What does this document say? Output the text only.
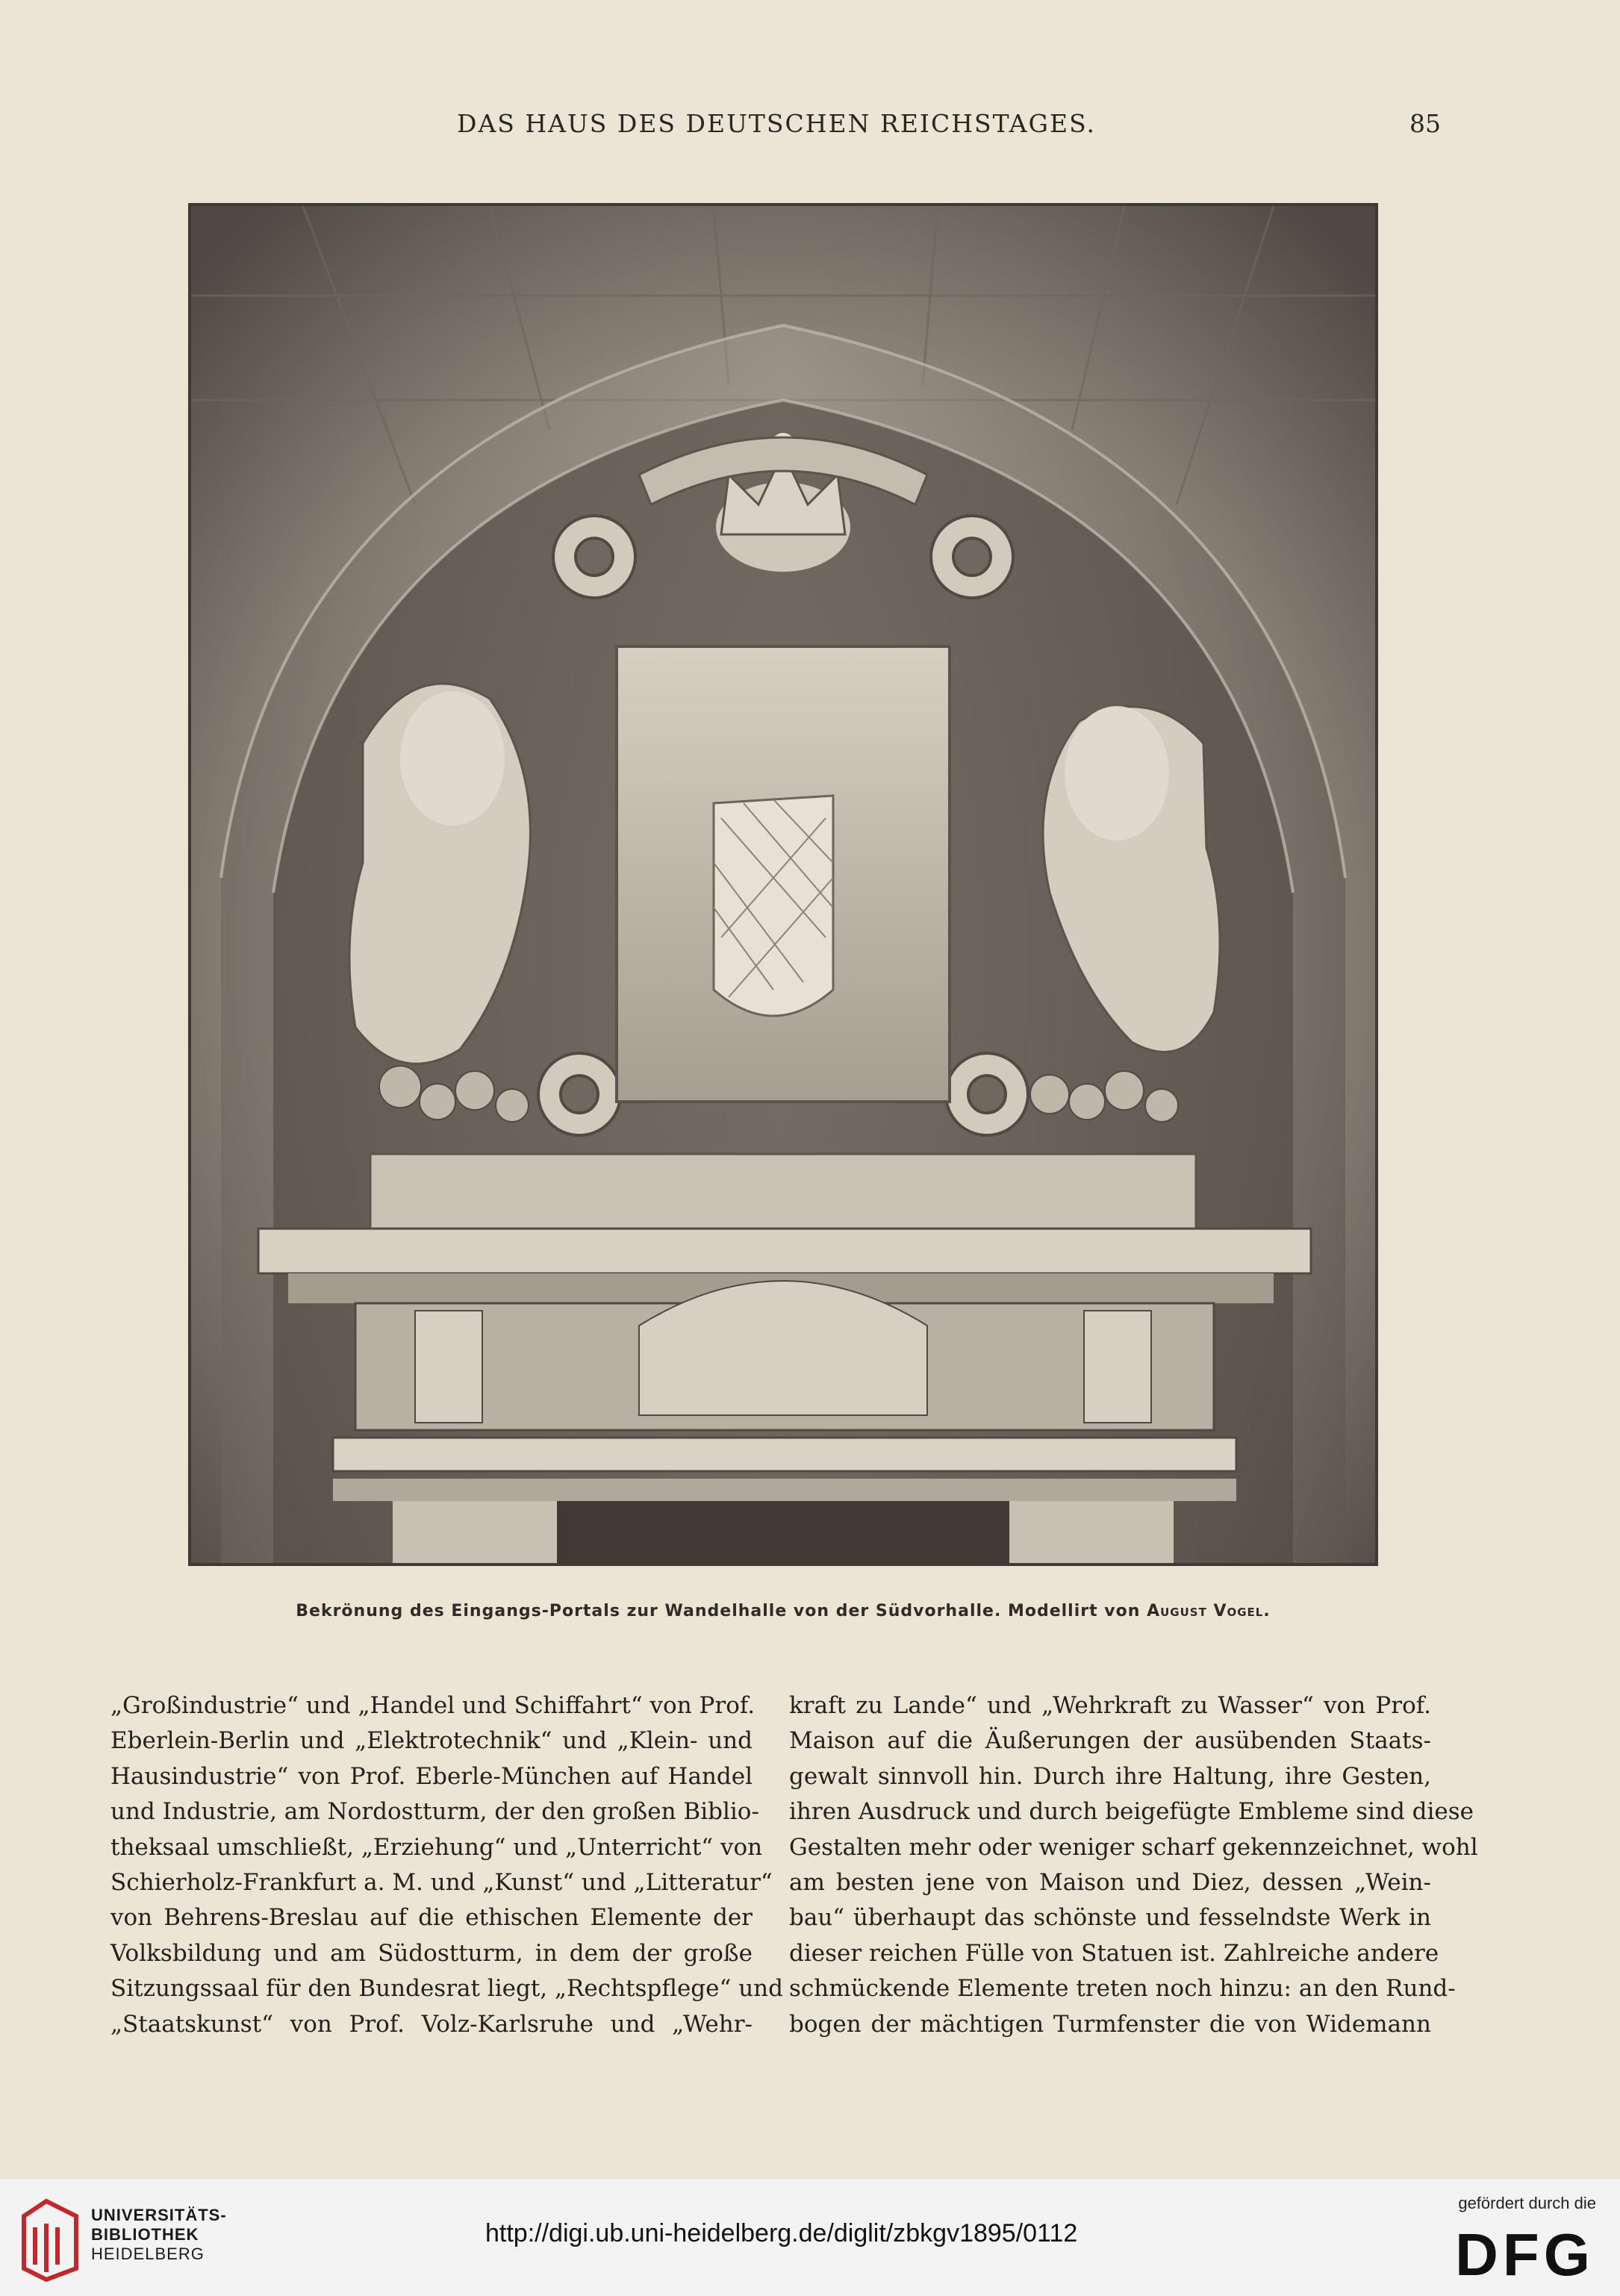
DAS HAUS DES DEUTSCHEN REICHSTAGES.	85
Bekrönung des Eingangs-Portals zur Wandelhalle von der Südvorhalle. Modellirt von August Vogel.
„Großindustrie“ und „Handel und Schiffahrt“ von Prof.
Eberlein-Berlin und „Elektrotechnik“ und „Klein- und
Hausindustrie“ von Prof. Eberle-München auf Handel
und Industrie, am Nordostturm, der den großen Biblio-
theksaal umschließt, „Erziehung“ und „Unterricht“ von
Schierholz-Frankfurt a. M. und „Kunst“ und „Litteratur“
von Behrens-Breslau auf die ethischen Elemente der
Volksbildung und am Südostturm, in dem der große
Sitzungssaal für den Bundesrat liegt, „Rechtspflege“ und
„Staatskunst“ von Prof. Volz-Karlsruhe und „Wehr-
kraft zu Lande“ und „Wehrkraft zu Wasser“ von Prof.
Maison auf die Äußerungen der ausübenden Staats-
gewalt sinnvoll hin. Durch ihre Haltung, ihre Gesten,
ihren Ausdruck und durch beigefügte Embleme sind diese
Gestalten mehr oder weniger scharf gekennzeichnet, wohl
am besten jene von Maison und Diez, dessen „Wein-
bau“ überhaupt das schönste und fesselndste Werk in
dieser reichen Fülle von Statuen ist. Zahlreiche andere
schmückende Elemente treten noch hinzu: an den Rund-
bogen der mächtigen Turmfenster die von Widemann
UNIVERSITÄTS-
BIBLIOTHEK
HEIDELBERG
http://digi.ub.uni-heidelberg.de/diglit/zbkgv1895/0112
gefördert durch die
DFG
